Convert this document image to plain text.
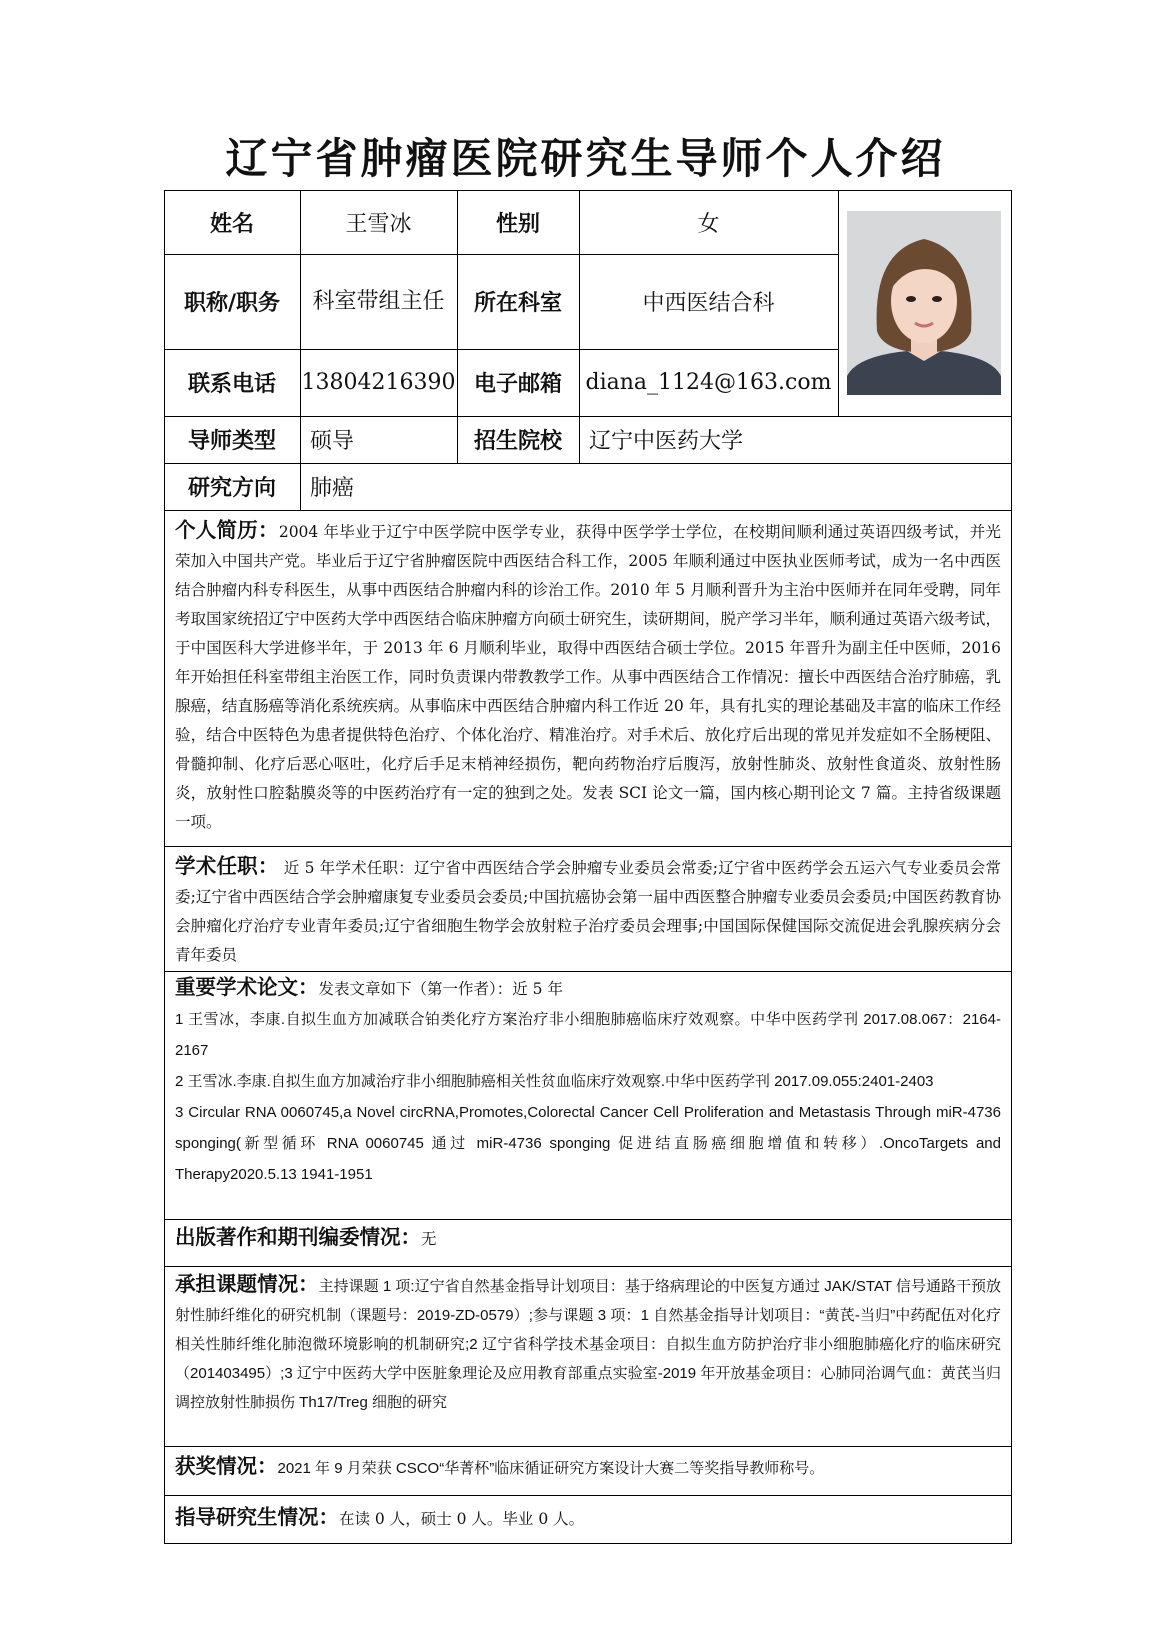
辽宁省肿瘤医院研究生导师个人介绍
姓名	王雪冰	性别	女
职称/职务	科室带组主任	所在科室	中西医结合科
联系电话	13804216390 电子邮箱	diana_1124@163.com
导师类型	硕导	招生院校	辽宁中医药大学
研究方向	肺癌
个人简历：2004 年毕业于辽宁中医学院中医学专业，获得中医学学士学位，在校期间顺利通过英语四级考试，并光荣加入中国共产党。毕业后于辽宁省肿瘤医院中西医结合科工作，2005 年顺利通过中医执业医师考试，成为一名中西医结合肿瘤内科专科医生，从事中西医结合肿瘤内科的诊治工作。2010 年 5 月顺利晋升为主治中医师并在同年受聘，同年考取国家统招辽宁中医药大学中西医结合临床肿瘤方向硕士研究生，读研期间，脱产学习半年，顺利通过英语六级考试，于中国医科大学进修半年，于 2013 年 6 月顺利毕业，取得中西医结合硕士学位。2015 年晋升为副主任中医师，2016 年开始担任科室带组主治医工作，同时负责课内带教教学工作。从事中西医结合工作情况：擅长中西医结合治疗肺癌，乳腺癌，结直肠癌等消化系统疾病。从事临床中西医结合肿瘤内科工作近 20 年，具有扎实的理论基础及丰富的临床工作经验，结合中医特色为患者提供特色治疗、个体化治疗、精准治疗。对手术后、放化疗后出现的常见并发症如不全肠梗阻、骨髓抑制、化疗后恶心呕吐，化疗后手足末梢神经损伤，靶向药物治疗后腹泻，放射性肺炎、放射性食道炎、放射性肠炎，放射性口腔黏膜炎等的中医药治疗有一定的独到之处。发表 SCI 论文一篇，国内核心期刊论文 7 篇。主持省级课题一项。
学术任职： 近 5 年学术任职：辽宁省中西医结合学会肿瘤专业委员会常委;辽宁省中医药学会五运六气专业委员会常委;辽宁省中西医结合学会肿瘤康复专业委员会委员;中国抗癌协会第一届中西医整合肿瘤专业委员会委员;中国医药教育协会肿瘤化疗治疗专业青年委员;辽宁省细胞生物学会放射粒子治疗委员会理事;中国国际保健国际交流促进会乳腺疾病分会青年委员
重要学术论文：发表文章如下（第一作者）：近 5 年
1 王雪冰，李康.自拟生血方加减联合铂类化疗方案治疗非小细胞肺癌临床疗效观察。中华中医药学刊 2017.08.067：2164-2167
2 王雪冰.李康.自拟生血方加减治疗非小细胞肺癌相关性贫血临床疗效观察.中华中医药学刊 2017.09.055:2401-2403
3 Circular RNA 0060745,a Novel circRNA,Promotes,Colorectal Cancer Cell Proliferation and Metastasis Through miR-4736 sponging(新型循环 RNA 0060745 通过 miR-4736 sponging 促进结直肠癌细胞增值和转移）.OncoTargets and Therapy2020.5.13 1941-1951
出版著作和期刊编委情况：无
承担课题情况：主持课题 1 项:辽宁省自然基金指导计划项目：基于络病理论的中医复方通过 JAK/STAT 信号通路干预放射性肺纤维化的研究机制（课题号：2019-ZD-0579）;参与课题 3 项：1 自然基金指导计划项目：“黄芪-当归”中药配伍对化疗相关性肺纤维化肺泡微环境影响的机制研究;2 辽宁省科学技术基金项目：自拟生血方防护治疗非小细胞肺癌化疗的临床研究（201403495）;3 辽宁中医药大学中医脏象理论及应用教育部重点实验室-2019 年开放基金项目：心肺同治调气血：黄芪当归调控放射性肺损伤 Th17/Treg 细胞的研究
获奖情况：2021 年 9 月荣获 CSCO“华菁杯”临床循证研究方案设计大赛二等奖指导教师称号。
指导研究生情况：在读 0 人，硕士 0 人。毕业 0 人。
